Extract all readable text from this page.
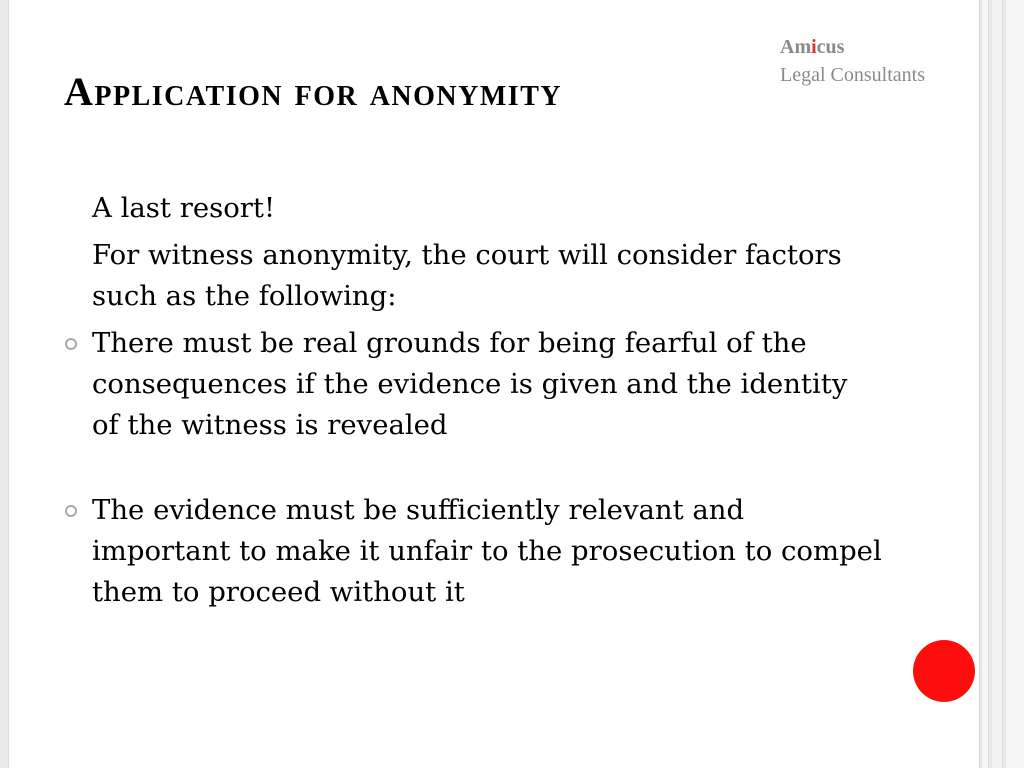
Amicus
Legal Consultants
Application for anonymity

A last resort!

For witness anonymity, the court will consider factors such as the following:

There must be real grounds for being fearful of the consequences if the evidence is given and the identity of the witness is revealed
The evidence must be sufficiently relevant and important to make it unfair to the prosecution to compel them to proceed without it
